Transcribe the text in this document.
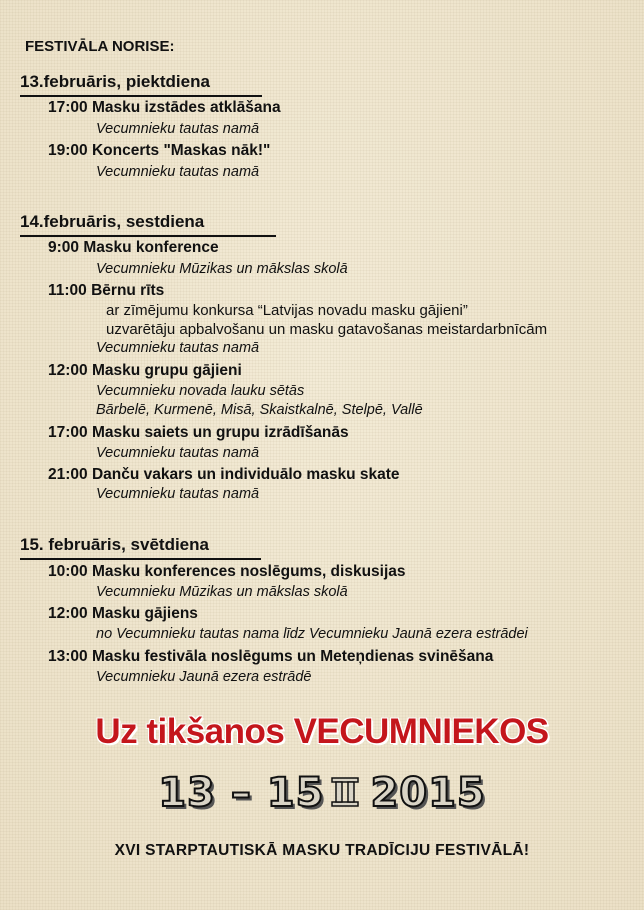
FESTIVĀLA NORISE:
13.februāris, piektdiena
17:00 Masku izstādes atklāšana
Vecumnieku tautas namā
19:00 Koncerts "Maskas nāk!"
Vecumnieku tautas namā
14.februāris, sestdiena
9:00 Masku konference
Vecumnieku Mūzikas un mākslas skolā
11:00 Bērnu rīts
ar zīmējumu konkursa “Latvijas novadu masku gājieni”
uzvarētāju apbalvošanu un masku gatavošanas meistardarbnīcām
Vecumnieku tautas namā
12:00 Masku grupu gājieni
Vecumnieku novada lauku sētās
Bārbelē, Kurmenē, Misā, Skaistkalnē, Stelpē, Vallē
17:00 Masku saiets un grupu izrādīšanās
Vecumnieku tautas namā
21:00 Danču vakars un individuālo masku skate
Vecumnieku tautas namā
15. februāris, svētdiena
10:00 Masku konferences noslēgums, diskusijas
Vecumnieku Mūzikas un mākslas skolā
12:00 Masku gājiens
no Vecumnieku tautas nama līdz Vecumnieku Jaunā ezera estrādei
13:00 Masku festivāla noslēgums un Meteņdienas svinēšana
Vecumnieku Jaunā ezera estrādē
Uz tikšanos VECUMNIEKOS
13 – 15 2015
XVI STARPTAUTISKĀ MASKU TRADĪCIJU FESTIVĀLĀ!
